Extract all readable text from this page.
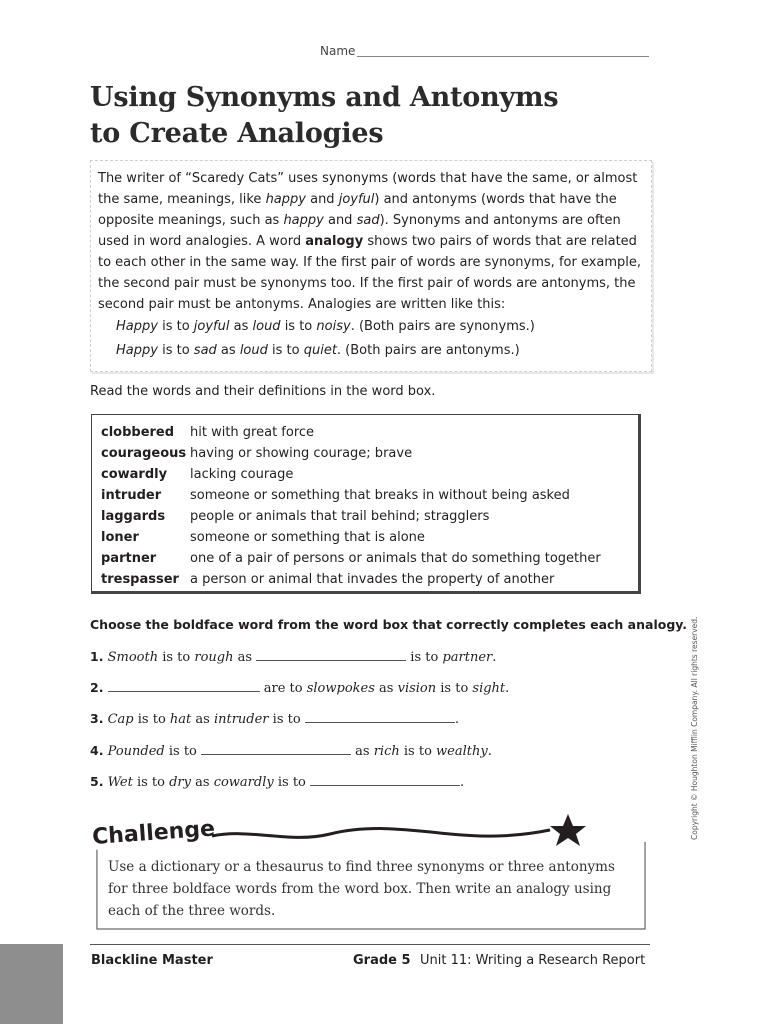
Name
Using Synonyms and Antonyms
to Create Analogies

The writer of “Scaredy Cats” uses synonyms (words that have the same, or almost the same, meanings, like happy and joyful) and antonyms (words that have the opposite meanings, such as happy and sad). Synonyms and antonyms are often used in word analogies. A word analogy shows two pairs of words that are related to each other in the same way. If the first pair of words are synonyms, for example, the second pair must be synonyms too. If the first pair of words are antonyms, the second pair must be antonyms. Analogies are written like this:

Happy is to joyful as loud is to noisy. (Both pairs are synonyms.)

Happy is to sad as loud is to quiet. (Both pairs are antonyms.)

Read the words and their definitions in the word box.
clobbered	hit with great force
courageous having or showing courage; brave
cowardly	lacking courage
intruder	someone or something that breaks in without being asked
laggards	people or animals that trail behind; stragglers
loner	someone or something that is alone
partner	one of a pair of persons or animals that do something together
trespasser a person or animal that invades the property of another
Choose the boldface word from the word box that correctly completes each analogy.
1. Smooth is to rough as	is to partner.
2.	are to slowpokes as vision is to sight.
3. Cap is to hat as intruder is to	.
4. Pounded is to	as rich is to wealthy.
5. Wet is to dry as cowardly is to	.
Challenge
Use a dictionary or a thesaurus to find three synonyms or three antonyms for three boldface words from the word box. Then write an analogy using each of the three words.
Blackline Master	Grade 5 Unit 11: Writing a Research Report
Copyright © Houghton Mifflin Company. All rights reserved.
